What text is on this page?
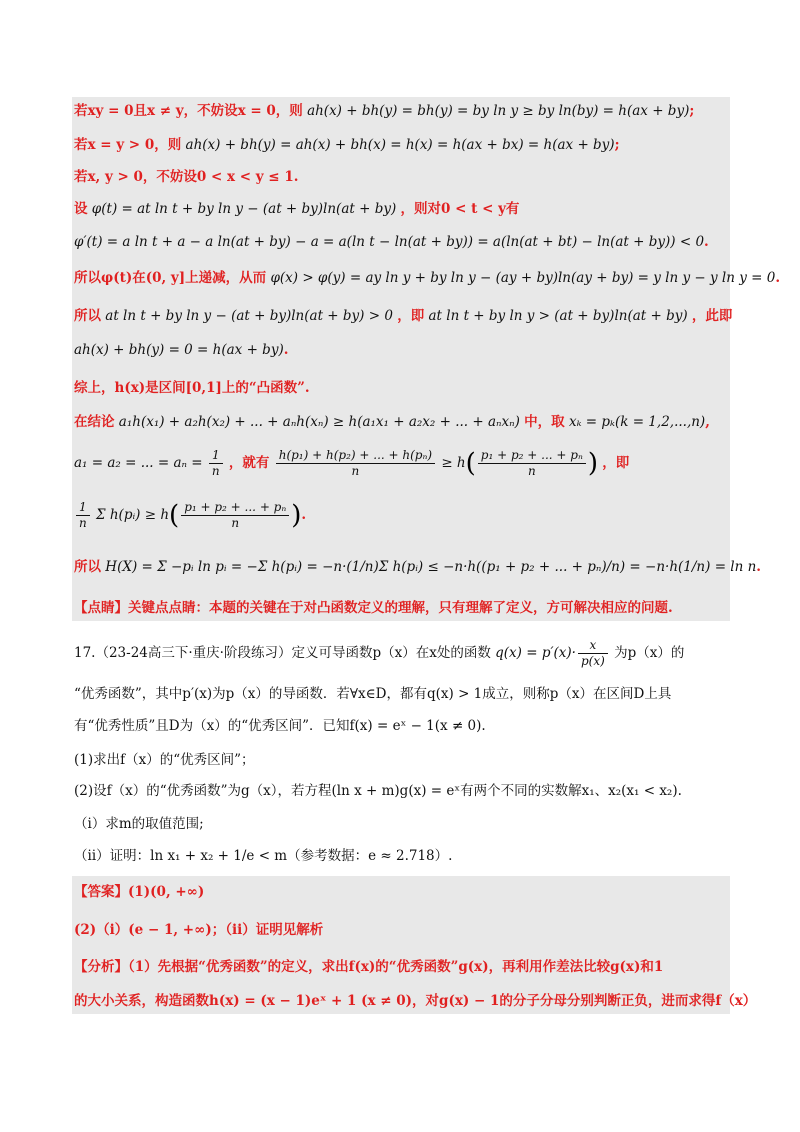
若xy = 0且x ≠ y，不妨设x = 0，则 ah(x) + bh(y) = bh(y) = by ln y ≥ by ln(by) = h(ax + by);
若x = y > 0，则 ah(x) + bh(y) = ah(x) + bh(x) = h(x) = h(ax + bx) = h(ax + by);
若x, y > 0，不妨设0 < x < y ≤ 1.
设 φ(t) = at ln t + by ln y − (at + by)ln(at + by) ，则对0 < t < y有
φ′(t) = a ln t + a − a ln(at + by) − a = a(ln t − ln(at + by)) = a(ln(at + bt) − ln(at + by)) < 0.
所以φ(t)在(0, y]上递减，从而 φ(x) > φ(y) = ay ln y + by ln y − (ay + by)ln(ay + by) = y ln y − y ln y = 0.
所以 at ln t + by ln y − (at + by)ln(at + by) > 0 ，即 at ln t + by ln y > (at + by)ln(at + by) ，此即
ah(x) + bh(y) = 0 = h(ax + by).
综上，h(x)是区间[0,1]上的“凸函数”.
在结论 a₁h(x₁) + a₂h(x₂) + ... + aₙh(xₙ) ≥ h(a₁x₁ + a₂x₂ + ... + aₙxₙ) 中，取 xₖ = pₖ(k = 1,2,...,n),
a₁ = a₂ = ... = $a_n = \frac{1}{n}$ ，就有 $\frac{\text{h(p₁) + h(p₂) + ... + h(pₙ)}}{n} \ge h( \frac{\text{p₁ + p₂ + ... + pₙ}}{n}$ ) ，即
$\frac{1}{n}$ Σ h(pᵢ) ≥ $h( \frac{\text{p₁ + p₂ + ... + pₙ}}{n}$ ).
所以 H(X) = Σ −pᵢ ln pᵢ = −Σ h(pᵢ) = −n·(1/n)Σ h(pᵢ) ≤ −n·h((p₁ + p₂ + ... + pₙ)/n) = −n·h(1/n) = ln n.
【点睛】关键点点睛：本题的关键在于对凸函数定义的理解，只有理解了定义，方可解决相应的问题.
17.（23-24高三下·重庆·阶段练习）定义可导函数p（x）在x处的函数 $q(x) = p'(x)\cdot \frac{x}{p(x)}$ 为p（x）的
“优秀函数”，其中p′(x)为p（x）的导函数．若∀x∈D，都有q(x) > 1成立，则称p（x）在区间D上具
有“优秀性质”且D为（x）的“优秀区间”．已知f(x) = eˣ − 1(x ≠ 0).
(1)求出f（x）的“优秀区间”；
(2)设f（x）的“优秀函数”为g（x），若方程(ln x + m)g(x) = eˣ有两个不同的实数解x₁、x₂(x₁ < x₂).
（ⅰ）求m的取值范围;
（ⅱ）证明：ln x₁ + x₂ + 1/e < m（参考数据：e ≈ 2.718）.
【答案】(1)(0, +∞)
(2)（ⅰ）(e − 1, +∞)；（ⅱ）证明见解析
【分析】（1）先根据“优秀函数”的定义，求出f(x)的“优秀函数”g(x)，再利用作差法比较g(x)和1
的大小关系，构造函数h(x) = (x − 1)eˣ + 1 (x ≠ 0)，对g(x) − 1的分子分母分别判断正负，进而求得f（x）
